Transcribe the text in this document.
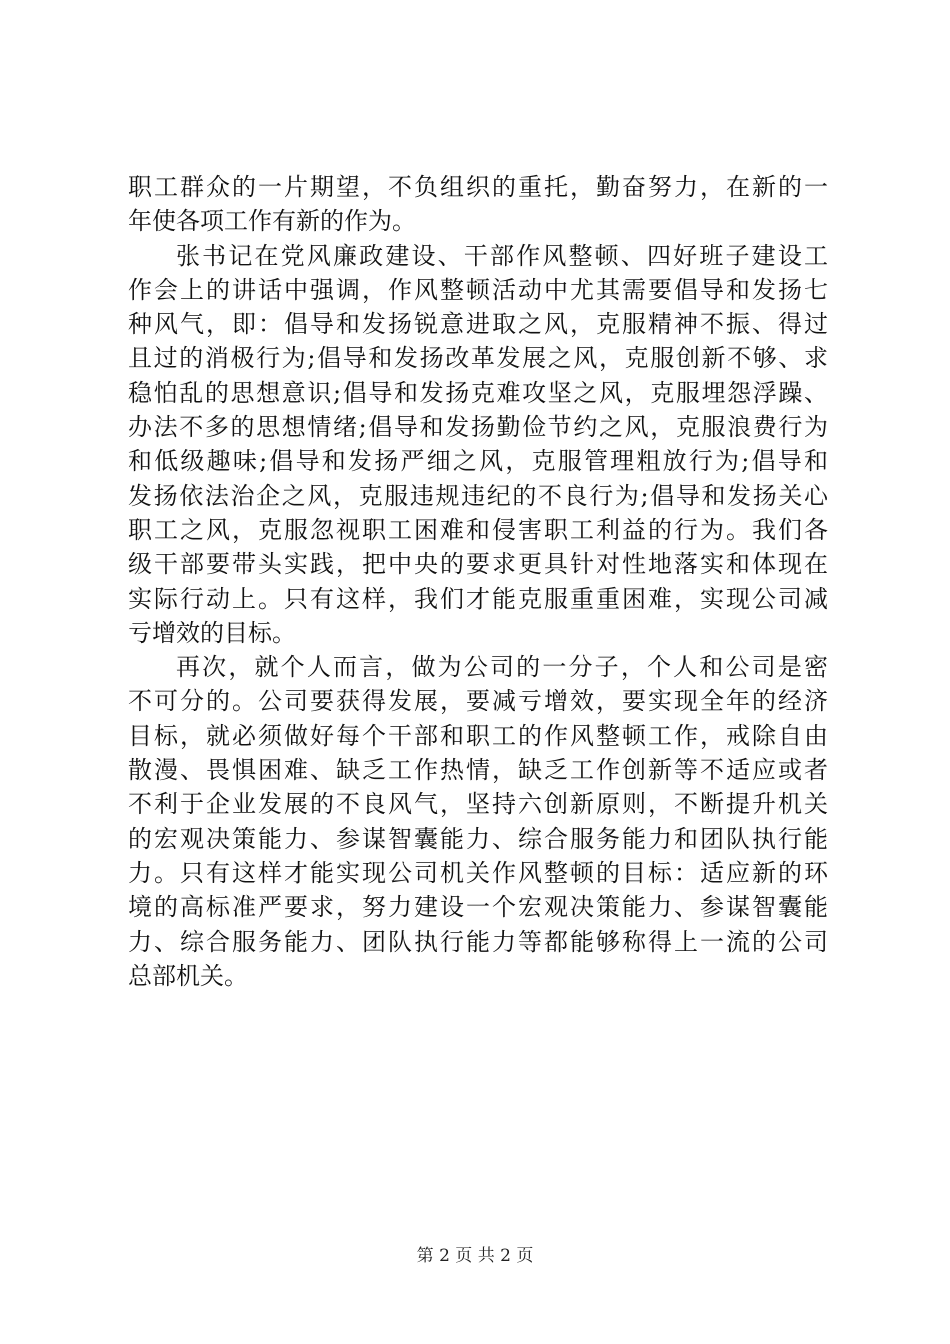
职工群众的一片期望，不负组织的重托，勤奋努力，在新的一
年使各项工作有新的作为。
张书记在党风廉政建设、干部作风整顿、四好班子建设工
作会上的讲话中强调，作风整顿活动中尤其需要倡导和发扬七
种风气，即：倡导和发扬锐意进取之风，克服精神不振、得过
且过的消极行为;倡导和发扬改革发展之风，克服创新不够、求
稳怕乱的思想意识;倡导和发扬克难攻坚之风，克服埋怨浮躁、
办法不多的思想情绪;倡导和发扬勤俭节约之风，克服浪费行为
和低级趣味;倡导和发扬严细之风，克服管理粗放行为;倡导和
发扬依法治企之风，克服违规违纪的不良行为;倡导和发扬关心
职工之风，克服忽视职工困难和侵害职工利益的行为。我们各
级干部要带头实践，把中央的要求更具针对性地落实和体现在
实际行动上。只有这样，我们才能克服重重困难，实现公司减
亏增效的目标。
再次，就个人而言，做为公司的一分子，个人和公司是密
不可分的。公司要获得发展，要减亏增效，要实现全年的经济
目标，就必须做好每个干部和职工的作风整顿工作，戒除自由
散漫、畏惧困难、缺乏工作热情，缺乏工作创新等不适应或者
不利于企业发展的不良风气，坚持六创新原则，不断提升机关
的宏观决策能力、参谋智囊能力、综合服务能力和团队执行能
力。只有这样才能实现公司机关作风整顿的目标：适应新的环
境的高标准严要求，努力建设一个宏观决策能力、参谋智囊能
力、综合服务能力、团队执行能力等都能够称得上一流的公司
总部机关。
第 2 页 共 2 页
